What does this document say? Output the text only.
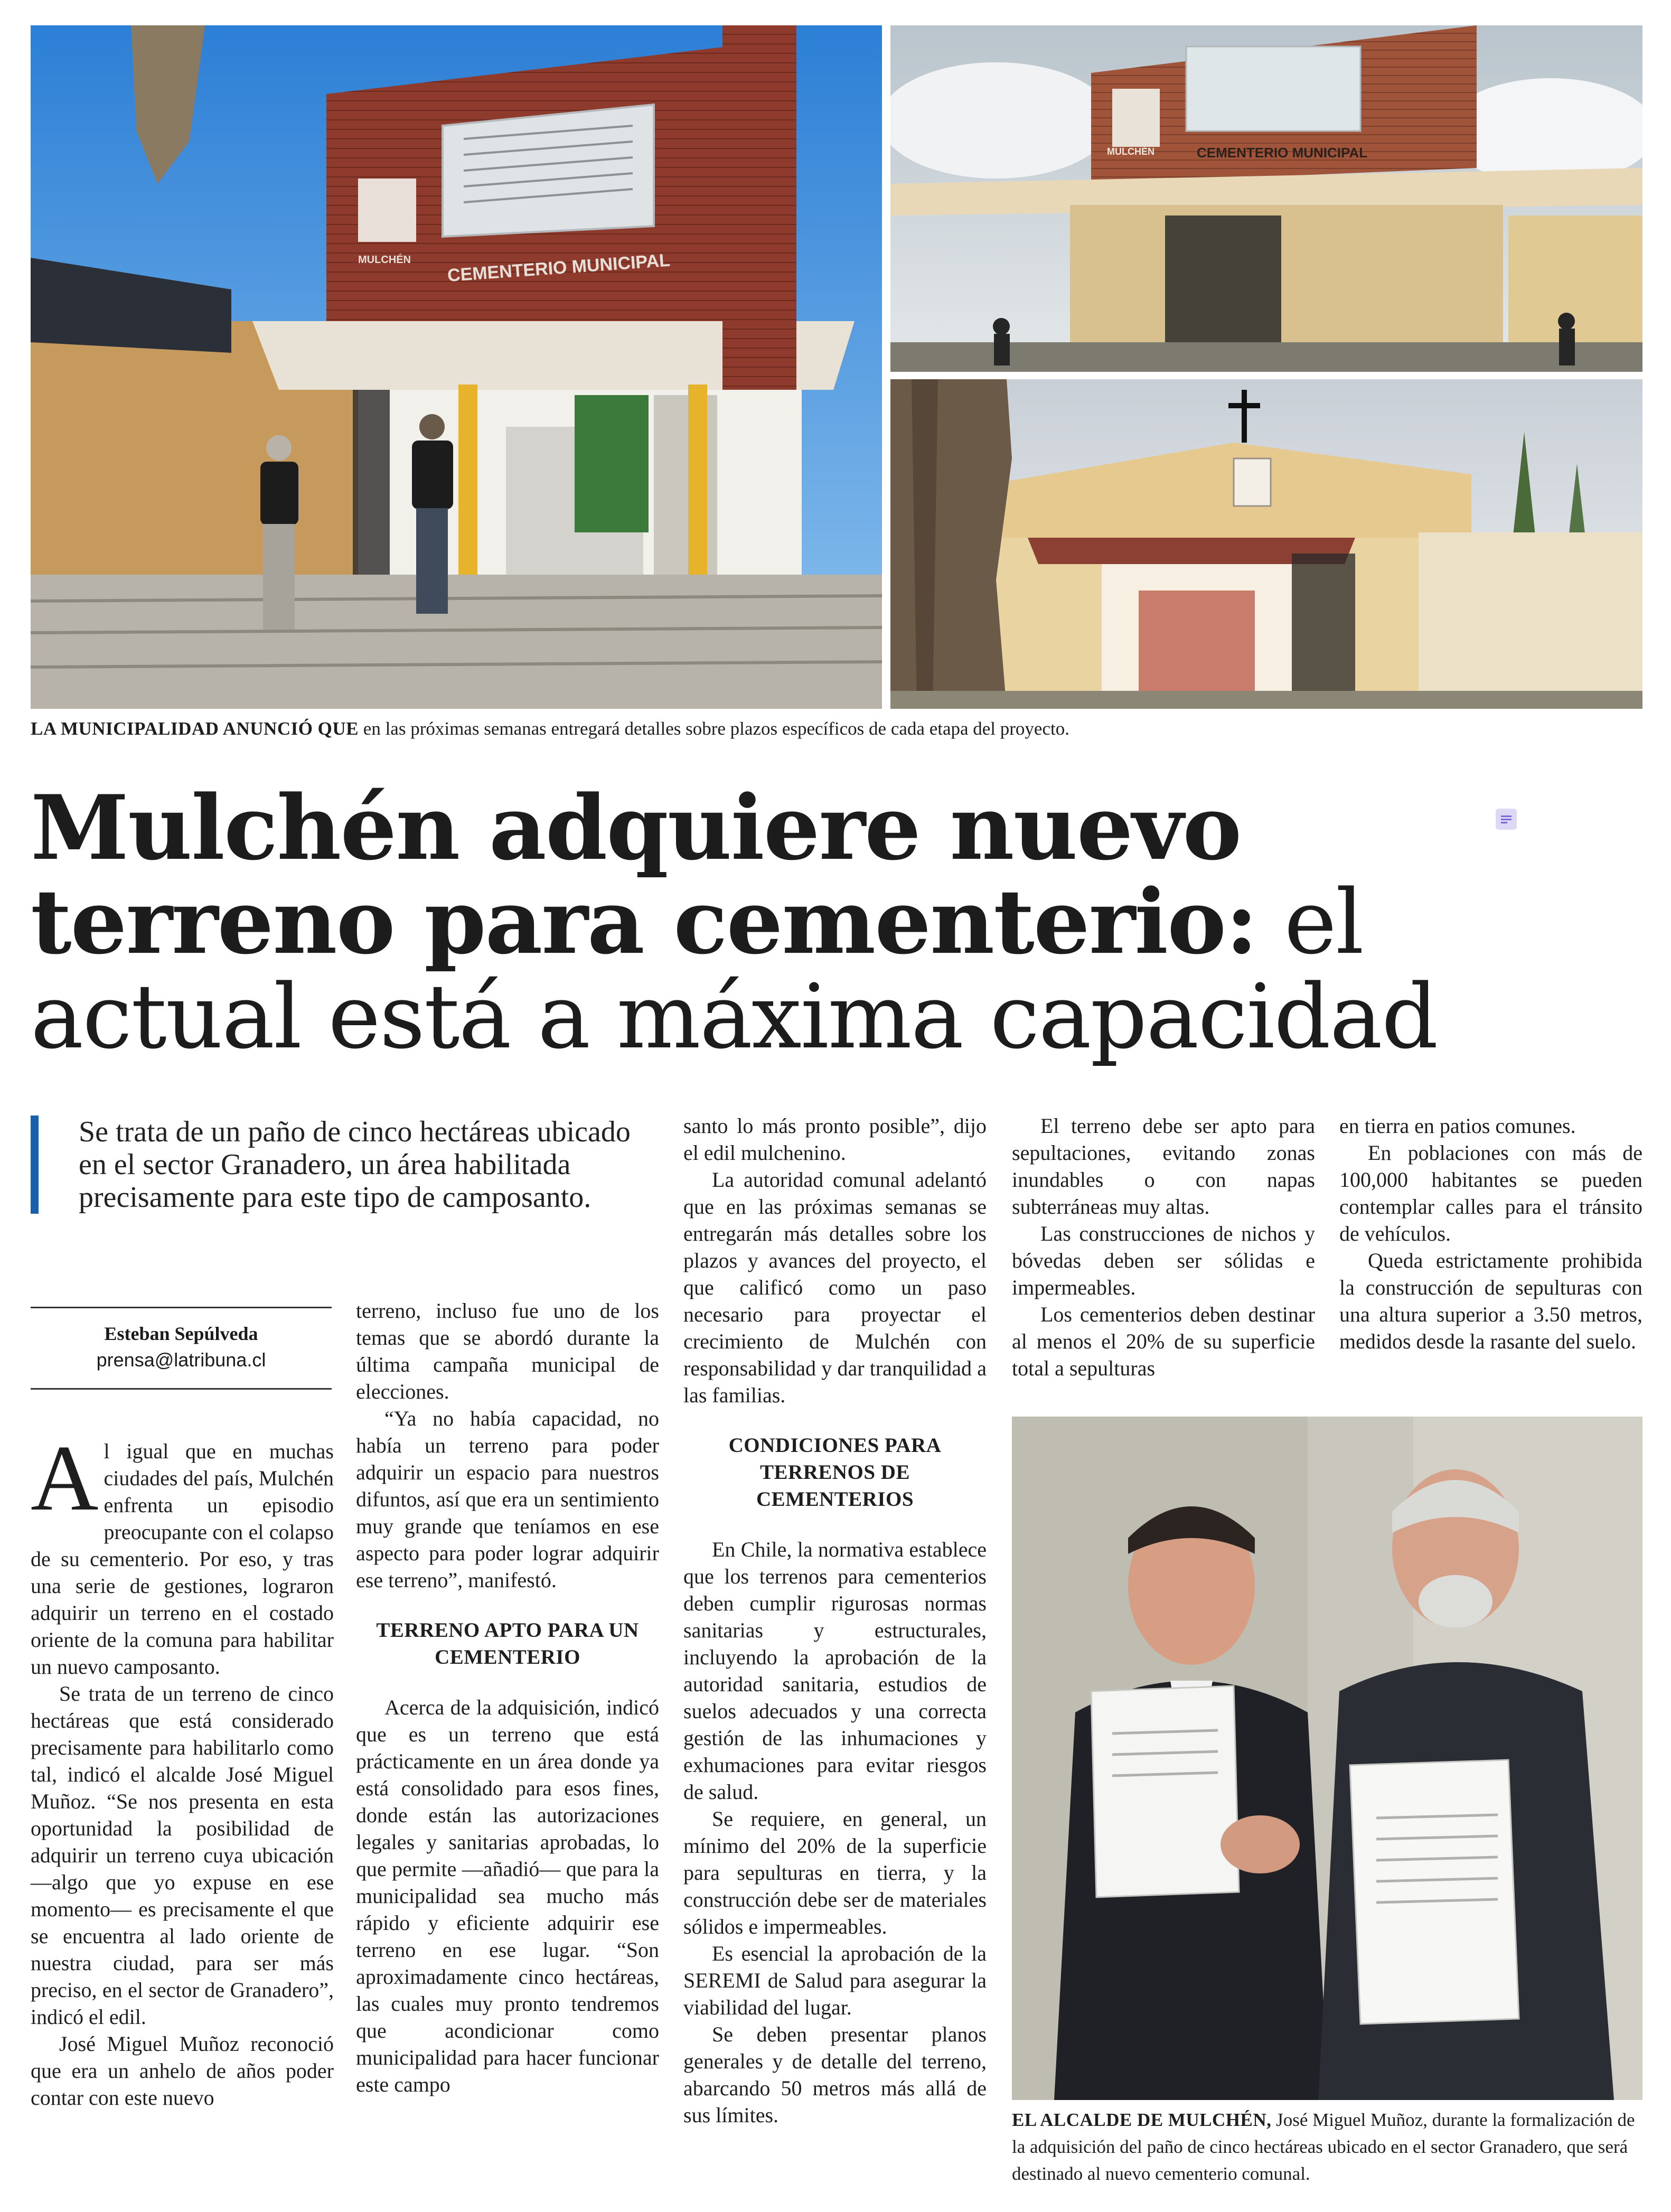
MULCHÉN CEMENTERIO MUNICIPAL
MULCHÉN	CEMENTERIO MUNICIPAL
LA MUNICIPALIDAD ANUNCIÓ QUE en las próximas semanas entregará detalles sobre plazos específicos de cada etapa del proyecto.
Mulchén adquiere nuevo terreno para cementerio: el actual está a máxima capacidad
Se trata de un paño de cinco hectáreas ubicado en el sector Granadero, un área habilitada precisamente para este tipo de camposanto.
Esteban Sepúlveda
prensa@latribuna.cl

Al igual que en muchas ciudades del país, Mulchén enfrenta un episodio preocupante con el colapso de su cementerio. Por eso, y tras una serie de gestiones, lograron adquirir un terreno en el costado oriente de la comuna para habilitar un nuevo camposanto.

Se trata de un terreno de cinco hectáreas que está considerado precisamente para habilitarlo como tal, indicó el alcalde José Miguel Muñoz. “Se nos presenta en esta oportunidad la posibilidad de adquirir un terreno cuya ubicación —algo que yo expuse en ese momento— es precisamente el que se encuentra al lado oriente de nuestra ciudad, para ser más preciso, en el sector de Granadero”, indicó el edil.

José Miguel Muñoz reconoció que era un anhelo de años poder contar con este nuevo

terreno, incluso fue uno de los temas que se abordó durante la última campaña municipal de elecciones.

“Ya no había capacidad, no había un terreno para poder adquirir un espacio para nuestros difuntos, así que era un sentimiento muy grande que teníamos en ese aspecto para poder lograr adquirir ese terreno”, manifestó.

TERRENO APTO PARA UN CEMENTERIO

Acerca de la adquisición, indicó que es un terreno que está prácticamente en un área donde ya está consolidado para esos fines, donde están las autorizaciones legales y sanitarias aprobadas, lo que permite —añadió— que para la municipalidad sea mucho más rápido y eficiente adquirir ese terreno en ese lugar. “Son aproximadamente cinco hectáreas, las cuales muy pronto tendremos que acondicionar como municipalidad para hacer funcionar este campo

santo lo más pronto posible”, dijo el edil mulchenino.

La autoridad comunal adelantó que en las próximas semanas se entregarán más detalles sobre los plazos y avances del proyecto, el que calificó como un paso necesario para proyectar el crecimiento de Mulchén con responsabilidad y dar tranquilidad a las familias.

CONDICIONES PARA TERRENOS DE CEMENTERIOS

En Chile, la normativa establece que los terrenos para cementerios deben cumplir rigurosas normas sanitarias y estructurales, incluyendo la aprobación de la autoridad sanitaria, estudios de suelos adecuados y una correcta gestión de las inhumaciones y exhumaciones para evitar riesgos de salud.

Se requiere, en general, un mínimo del 20% de la superficie para sepulturas en tierra, y la construcción debe ser de materiales sólidos e impermeables.

Es esencial la aprobación de la SEREMI de Salud para asegurar la viabilidad del lugar.

Se deben presentar planos generales y de detalle del terreno, abarcando 50 metros más allá de sus límites.

El terreno debe ser apto para sepultaciones, evitando zonas inundables o con napas subterráneas muy altas.

Las construcciones de nichos y bóvedas deben ser sólidas e impermeables.

Los cementerios deben destinar al menos el 20% de su superficie total a sepulturas

en tierra en patios comunes.

En poblaciones con más de 100,000 habitantes se pueden contemplar calles para el tránsito de vehículos.

Queda estrictamente prohibida la construcción de sepulturas con una altura superior a 3.50 metros, medidos desde la rasante del suelo.

EL ALCALDE DE MULCHÉN, José Miguel Muñoz, durante la formalización de la adquisición del paño de cinco hectáreas ubicado en el sector Granadero, que será destinado al nuevo cementerio comunal.
